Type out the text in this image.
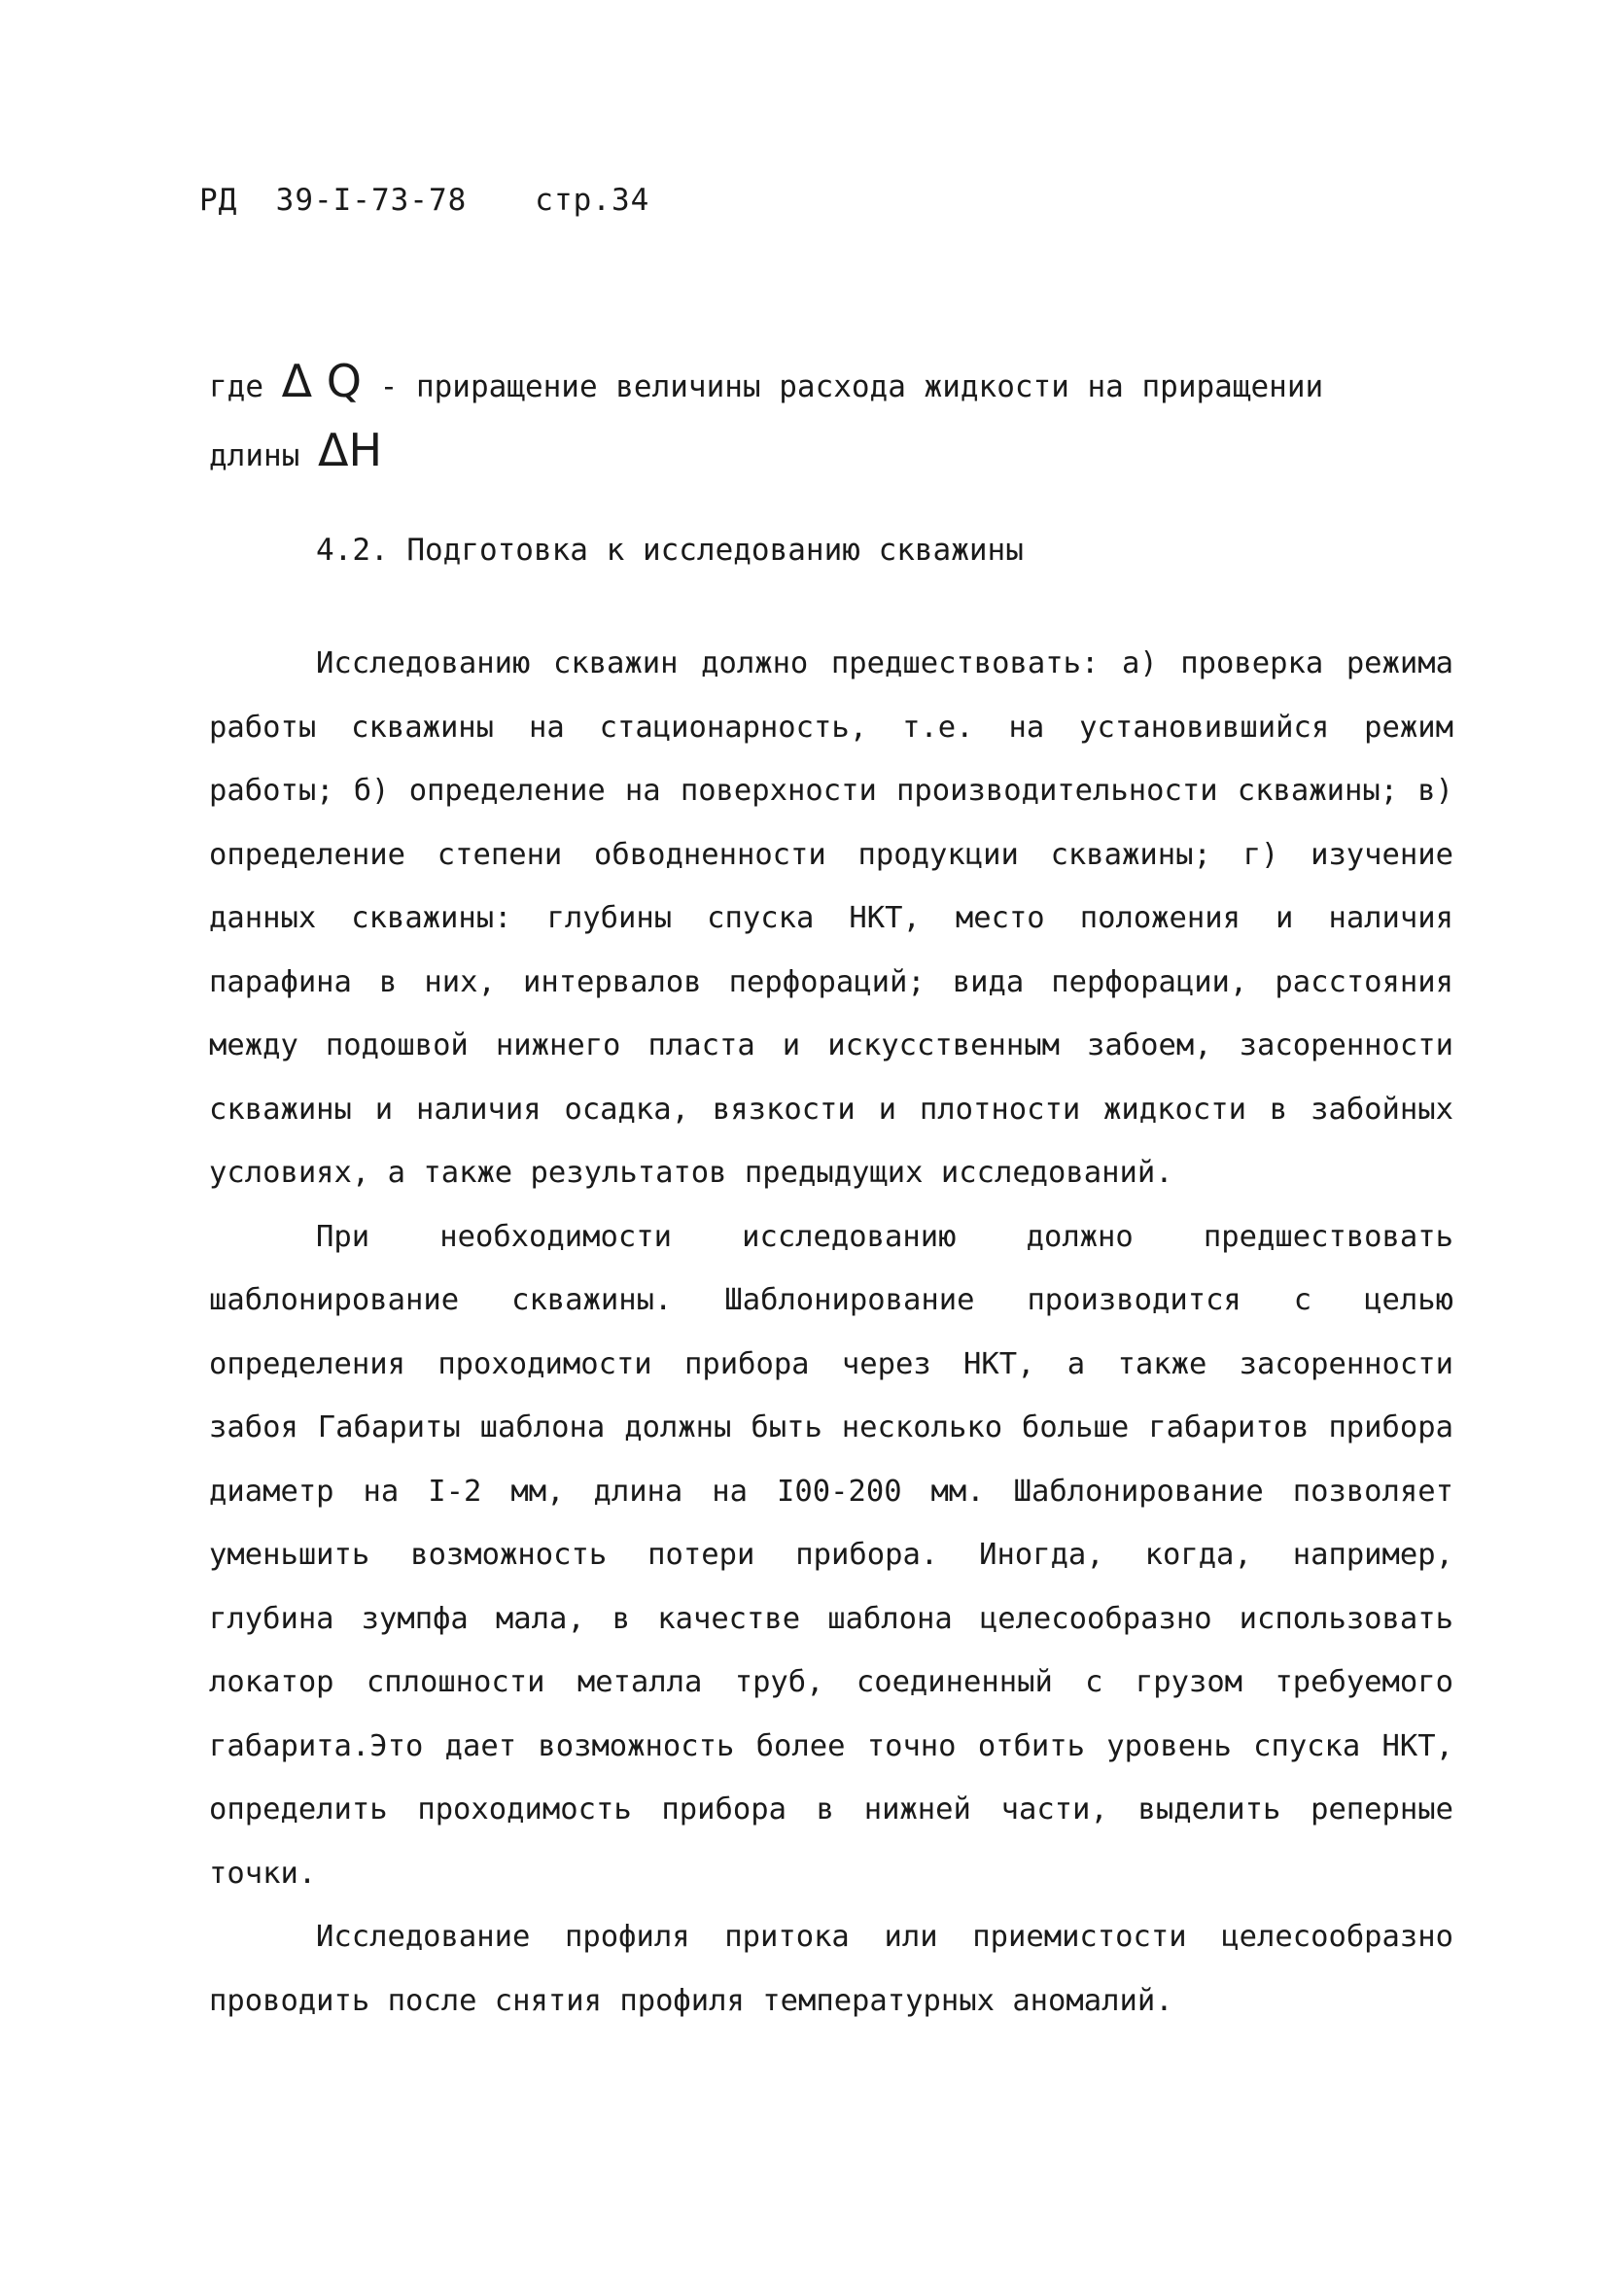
РД  39-I-73-78 стр.34
где Δ Q - приращение величины расхода жидкости на приращении
длины ΔH
4.2. Подготовка к исследованию скважины

Исследованию скважин должно предшествовать: а) проверка режима работы скважины на стационарность, т.е. на установившийся режим работы; б) определение на поверхности производительности скважины; в) определение степени обводненности продукции скважины; г) изучение данных скважины: глубины спуска НКТ, место положения и наличия парафина в них, интервалов перфораций; вида перфорации, расстояния между подошвой нижнего пласта и искусственным забоем, засоренности скважины и наличия осадка, вязкости и плотности жидкости в забойных условиях, а также результатов предыдущих исследований.

При необходимости исследованию должно предшествовать шаблонирование скважины. Шаблонирование производится с целью определения проходимости прибора через НКТ, а также засоренности забоя Габариты шаблона должны быть несколько больше габаритов прибора диаметр на I-2 мм, длина на I00-200 мм. Шаблонирование позволяет уменьшить возможность потери прибора. Иногда, когда, например, глубина зумпфа мала, в качестве шаблона целесообразно использовать локатор сплошности металла труб, соединенный с грузом требуемого габарита.Это дает возможность более точно отбить уровень спуска НКТ, определить проходимость прибора в нижней части, выделить реперные точки.

Исследование профиля притока или приемистости целесообразно проводить после снятия профиля температурных аномалий.
